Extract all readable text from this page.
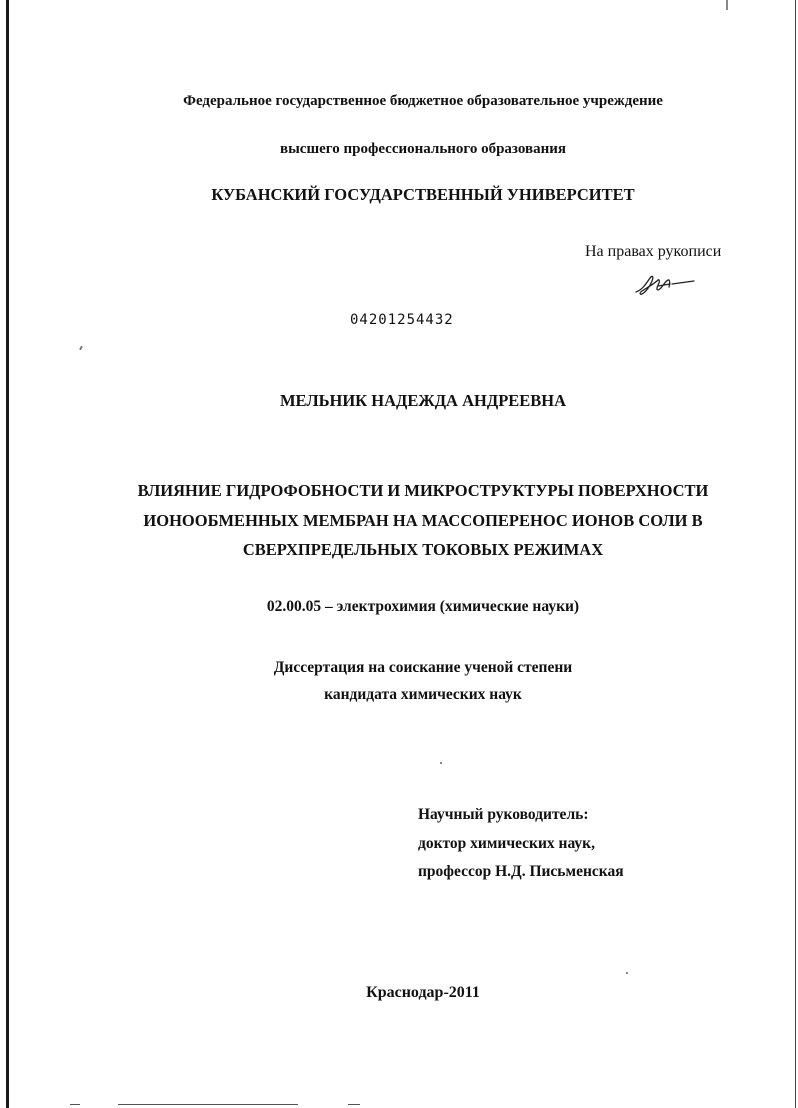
Федеральное государственное бюджетное образовательное учреждение
высшего профессионального образования
КУБАНСКИЙ ГОСУДАРСТВЕННЫЙ УНИВЕРСИТЕТ
На правах рукописи
04201254432
МЕЛЬНИК НАДЕЖДА АНДРЕЕВНА
ВЛИЯНИЕ ГИДРОФОБНОСТИ И МИКРОСТРУКТУРЫ ПОВЕРХНОСТИ
ИОНООБМЕННЫХ МЕМБРАН НА МАССОПЕРЕНОС ИОНОВ СОЛИ В
СВЕРХПРЕДЕЛЬНЫХ ТОКОВЫХ РЕЖИМАХ
02.00.05 – электрохимия (химические науки)
Диссертация на соискание ученой степени
кандидата химических наук
Научный руководитель:
доктор химических наук,
профессор Н.Д. Письменская
Краснодар-2011
